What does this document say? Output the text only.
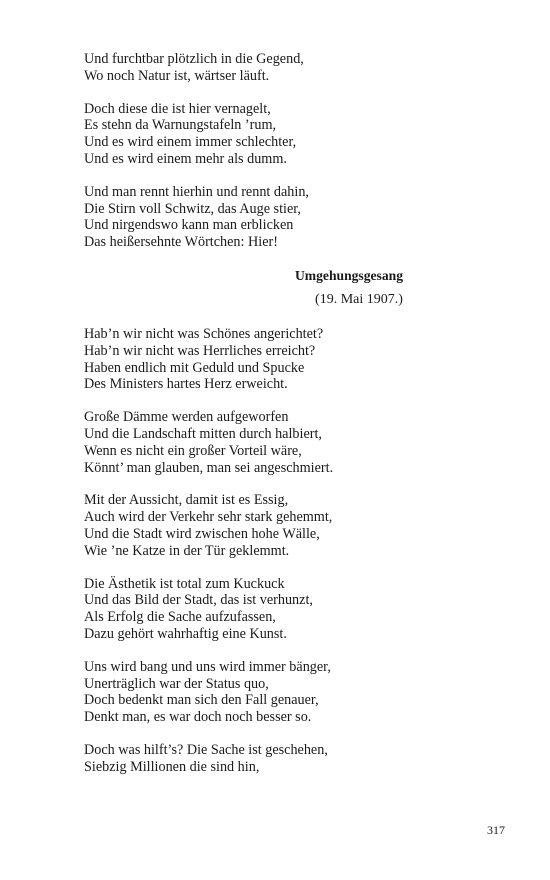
Und furchtbar plötzlich in die Gegend,
Wo noch Natur ist, wärtser läuft.
Doch diese die ist hier vernagelt,
Es stehn da Warnungstafeln ’rum,
Und es wird einem immer schlechter,
Und es wird einem mehr als dumm.
Und man rennt hierhin und rennt dahin,
Die Stirn voll Schwitz, das Auge stier,
Und nirgendswo kann man erblicken
Das heißersehnte Wörtchen: Hier!

Umgehungsgesang

(19. Mai 1907.)

Hab’n wir nicht was Schönes angerichtet?
Hab’n wir nicht was Herrliches erreicht?
Haben endlich mit Geduld und Spucke
Des Ministers hartes Herz erweicht.
Große Dämme werden aufgeworfen
Und die Landschaft mitten durch halbiert,
Wenn es nicht ein großer Vorteil wäre,
Könnt’ man glauben, man sei angeschmiert.
Mit der Aussicht, damit ist es Essig,
Auch wird der Verkehr sehr stark gehemmt,
Und die Stadt wird zwischen hohe Wälle,
Wie ’ne Katze in der Tür geklemmt.
Die Ästhetik ist total zum Kuckuck
Und das Bild der Stadt, das ist verhunzt,
Als Erfolg die Sache aufzufassen,
Dazu gehört wahrhaftig eine Kunst.
Uns wird bang und uns wird immer bänger,
Unerträglich war der Status quo,
Doch bedenkt man sich den Fall genauer,
Denkt man, es war doch noch besser so.
Doch was hilft’s? Die Sache ist geschehen,
Siebzig Millionen die sind hin,
317
